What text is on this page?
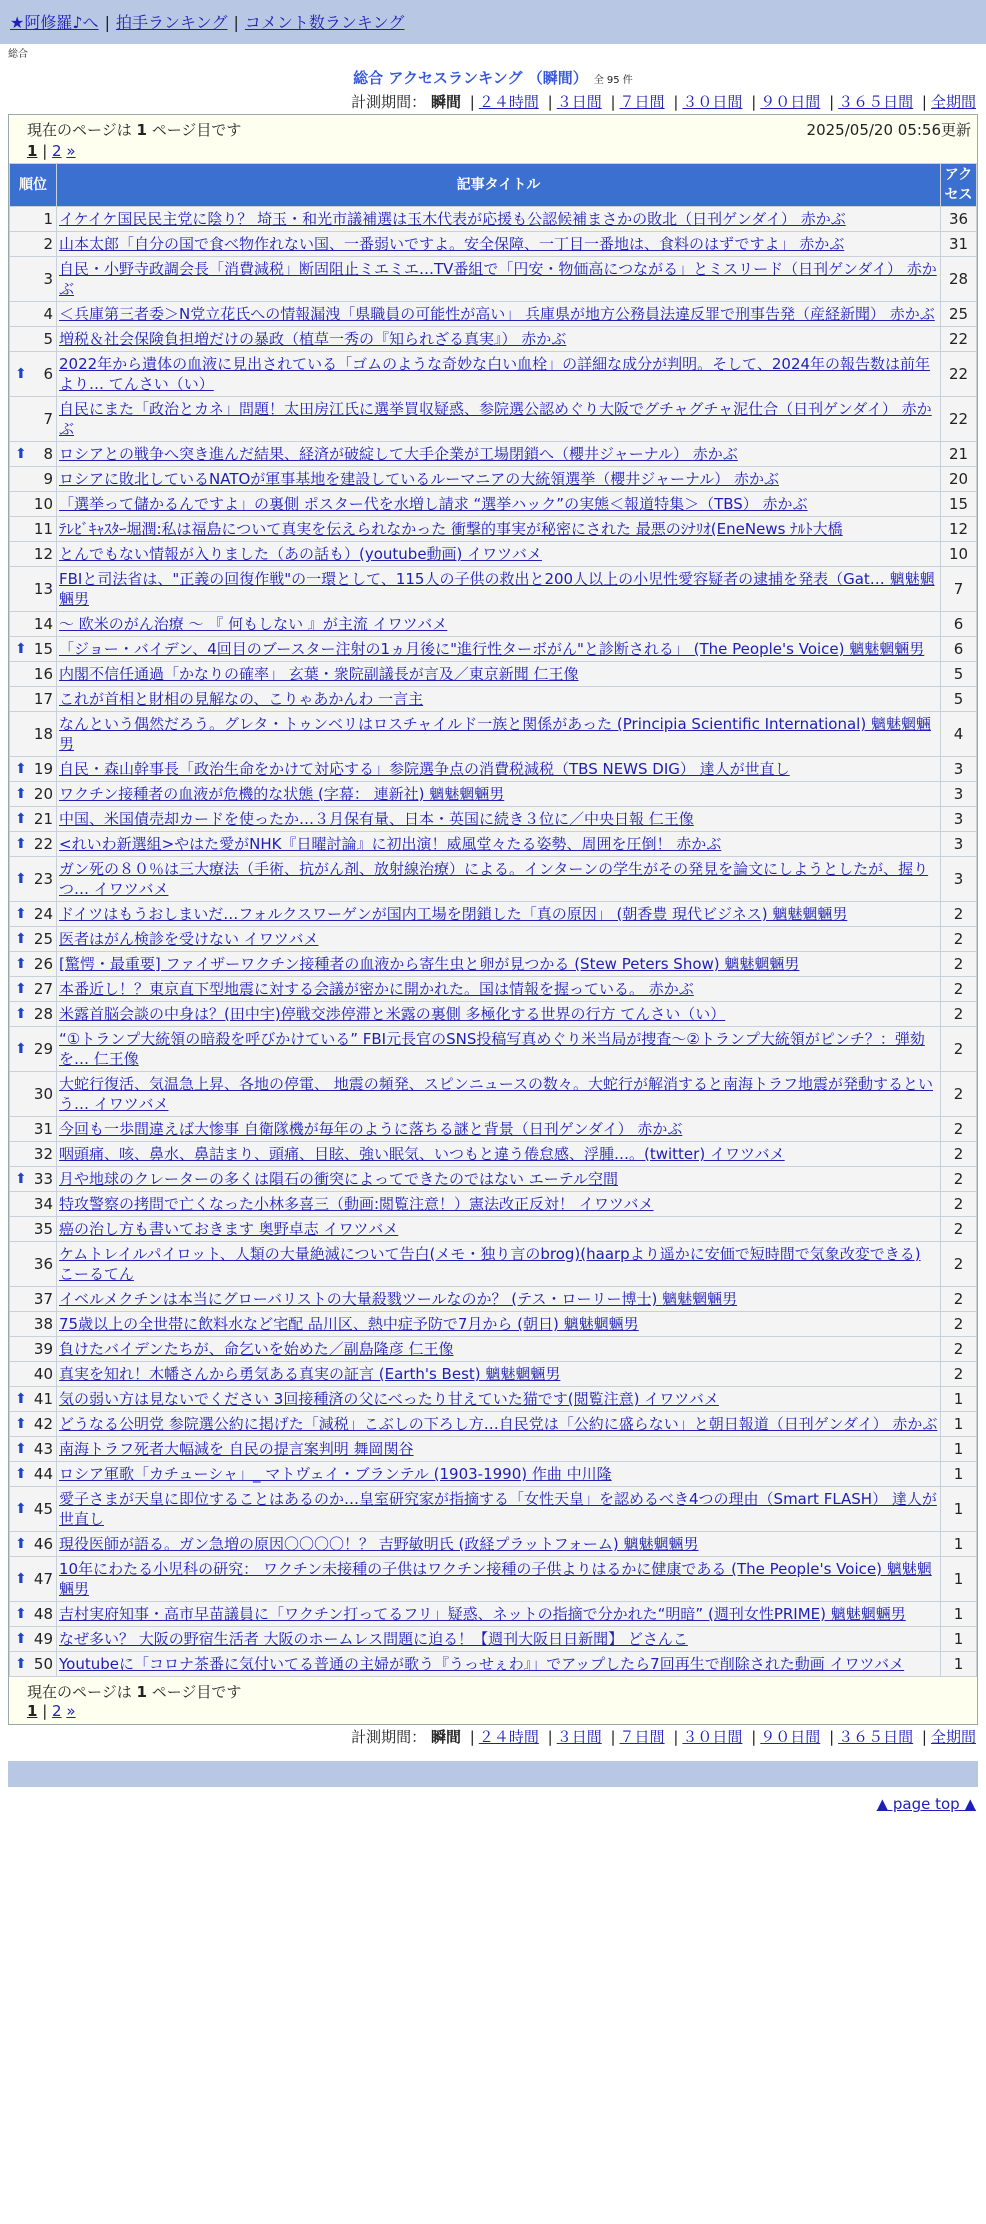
★阿修羅♪へ | 拍手ランキング | コメント数ランキング
総合
総合 アクセスランキング （瞬間） 全 95 件
計測期間： 瞬間 | ２４時間 | ３日間 | ７日間 | ３０日間 | ９０日間 | ３６５日間 | 全期間
現在のページは 1 ページ目です	2025/05/20 05:56更新
1 | 2 »
順位	記事タイトル	アクセス
1	イケイケ国民民主党に陰り？ 埼玉・和光市議補選は玉木代表が応援も公認候補まさかの敗北（日刊ゲンダイ） 赤かぶ	36
2	山本太郎「自分の国で食べ物作れない国、一番弱いですよ。安全保障、一丁目一番地は、食料のはずですよ」 赤かぶ	31
3	自民・小野寺政調会長「消費減税」断固阻止ミエミエ…TV番組で「円安・物価高につながる」とミスリード（日刊ゲンダイ） 赤かぶ	28
4	＜兵庫第三者委＞N党立花氏への情報漏洩「県職員の可能性が高い」 兵庫県が地方公務員法違反罪で刑事告発（産経新聞） 赤かぶ	25
5	増税＆社会保険負担増だけの暴政（植草一秀の『知られざる真実』） 赤かぶ	22

⬆ 6	2022年から遺体の血液に見出されている「ゴムのような奇妙な白い血栓」の詳細な成分が判明。そして、2024年の報告数は前年より… てんさい（い）	22
7	自民にまた「政治とカネ」問題！太田房江氏に選挙買収疑惑、参院選公認めぐり大阪でグチャグチャ泥仕合（日刊ゲンダイ） 赤かぶ	22

⬆ 8	ロシアとの戦争へ突き進んだ結果、経済が破綻して大手企業が工場閉鎖へ（櫻井ジャーナル） 赤かぶ	21
9	ロシアに敗北しているNATOが軍事基地を建設しているルーマニアの大統領選挙（櫻井ジャーナル） 赤かぶ	20
10	「選挙って儲かるんですよ」の裏側 ポスター代を水増し請求 “選挙ハック”の実態＜報道特集＞（TBS） 赤かぶ	15
11	ﾃﾚﾋﾞｷｬｽﾀｰ堀潤:私は福島について真実を伝えられなかった 衝撃的事実が秘密にされた 最悪のｼﾅﾘｵ(EneNews ﾅﾙﾄ大橋	12
12	とんでもない情報が入りました（あの話も）(youtube動画) イワツバメ	10
13	FBIと司法省は、"正義の回復作戦"の一環として、115人の子供の救出と200人以上の小児性愛容疑者の逮捕を発表（Gat… 魑魅魍魎男	7
14	～ 欧米のがん治療 ～ 『 何もしない 』が主流 イワツバメ	6

⬆ 15	「ジョー・バイデン、4回目のブースター注射の1ヵ月後に"進行性ターボがん"と診断される」 (The People's Voice) 魑魅魍魎男	6
16	内閣不信任通過「かなりの確率」 玄葉・衆院副議長が言及／東京新聞 仁王像	5
17	これが首相と財相の見解なの、こりゃあかんわ 一言主	5
18	なんという偶然だろう。グレタ・トゥンベリはロスチャイルド一族と関係があった (Principia Scientific International) 魑魅魍魎男	4

⬆ 19	自民・森山幹事長「政治生命をかけて対応する」参院選争点の消費税減税（TBS NEWS DIG） 達人が世直し	3

⬆ 20	ワクチン接種者の血液が危機的な状態 (字幕： 連新社) 魑魅魍魎男	3

⬆ 21	中国、米国債売却カードを使ったか…３月保有量、日本・英国に続き３位に／中央日報 仁王像	3

⬆ 22	<れいわ新選組>やはた愛がNHK『日曜討論』に初出演！威風堂々たる姿勢、周囲を圧倒！ 赤かぶ	3

⬆ 23	ガン死の８０％は三大療法（手術、抗がん剤、放射線治療）による。インターンの学生がその発見を論文にしようとしたが、握りつ… イワツバメ	3

⬆ 24	ドイツはもうおしまいだ…フォルクスワーゲンが国内工場を閉鎖した「真の原因」 (朝香豊 現代ビジネス) 魑魅魍魎男	2

⬆ 25	医者はがん検診を受けない イワツバメ	2

⬆ 26	[驚愕・最重要] ファイザーワクチン接種者の血液から寄生虫と卵が見つかる (Stew Peters Show) 魑魅魍魎男	2

⬆ 27	本番近し！？東京直下型地震に対する会議が密かに開かれた。国は情報を握っている。 赤かぶ	2

⬆ 28	米露首脳会談の中身は？(田中宇)停戦交渉停滞と米露の裏側 多極化する世界の行方 てんさい（い）	2

⬆ 29	“①トランプ大統領の暗殺を呼びかけている” FBI元長官のSNS投稿写真めぐり米当局が捜査～②トランプ大統領がピンチ？：弾劾を… 仁王像	2
30	大蛇行復活、気温急上昇、各地の停電、 地震の頻発、スピンニュースの数々。大蛇行が解消すると南海トラフ地震が発動するという… イワツバメ	2
31	今回も一歩間違えば大惨事 自衛隊機が毎年のように落ちる謎と背景（日刊ゲンダイ） 赤かぶ	2
32	咽頭痛、咳、鼻水、鼻詰まり、頭痛、目眩、強い眠気、いつもと違う倦怠感、浮腫…。(twitter) イワツバメ	2

⬆ 33	月や地球のクレーターの多くは隕石の衝突によってできたのではない エーテル空間	2
34	特攻警察の拷問で亡くなった小林多喜三（動画:閲覧注意！）憲法改正反対！ イワツバメ	2
35	癌の治し方も書いておきます 奥野卓志 イワツバメ	2
36	ケムトレイルパイロット、人類の大量絶滅について告白(メモ・独り言のbrog)(haarpより遥かに安価で短時間で気象改変できる) こーるてん	2
37	イベルメクチンは本当にグローバリストの大量殺戮ツールなのか？ (テス・ローリー博士) 魑魅魍魎男	2
38	75歳以上の全世帯に飲料水など宅配 品川区、熱中症予防で7月から (朝日) 魑魅魍魎男	2
39	負けたバイデンたちが、命乞いを始めた／副島隆彦 仁王像	2
40	真実を知れ！木幡さんから勇気ある真実の証言 (Earth's Best) 魑魅魍魎男	2

⬆ 41	気の弱い方は見ないでください 3回接種済の父にべったり甘えていた猫です(閲覧注意) イワツバメ	1

⬆ 42	どうなる公明党 参院選公約に掲げた「減税」こぶしの下ろし方…自民党は「公約に盛らない」と朝日報道（日刊ゲンダイ） 赤かぶ	1

⬆ 43	南海トラフ死者大幅減を 自民の提言案判明 舞岡関谷	1

⬆ 44	ロシア軍歌「カチューシャ」_ マトヴェイ・ブランテル (1903-1990) 作曲 中川隆	1

⬆ 45	愛子さまが天皇に即位することはあるのか…皇室研究家が指摘する「女性天皇」を認めるべき4つの理由（Smart FLASH） 達人が世直し	1

⬆ 46	現役医師が語る。ガン急増の原因〇〇〇〇！？ 吉野敏明氏 (政経プラットフォーム) 魑魅魍魎男	1

⬆ 47	10年にわたる小児科の研究： ワクチン未接種の子供はワクチン接種の子供よりはるかに健康である (The People's Voice) 魑魅魍魎男	1

⬆ 48	吉村実府知事・高市早苗議員に「ワクチン打ってるフリ」疑惑、ネットの指摘で分かれた“明暗” (週刊女性PRIME) 魑魅魍魎男	1

⬆ 49	なぜ多い？ 大阪の野宿生活者 大阪のホームレス問題に迫る！【週刊大阪日日新聞】 どさんこ	1

⬆ 50	Youtubeに「コロナ茶番に気付いてる普通の主婦が歌う『うっせぇわ』」でアップしたら7回再生で削除された動画 イワツバメ	1
現在のページは 1 ページ目です
1 | 2 »
計測期間： 瞬間 | ２４時間 | ３日間 | ７日間 | ３０日間 | ９０日間 | ３６５日間 | 全期間
▲ page top ▲
